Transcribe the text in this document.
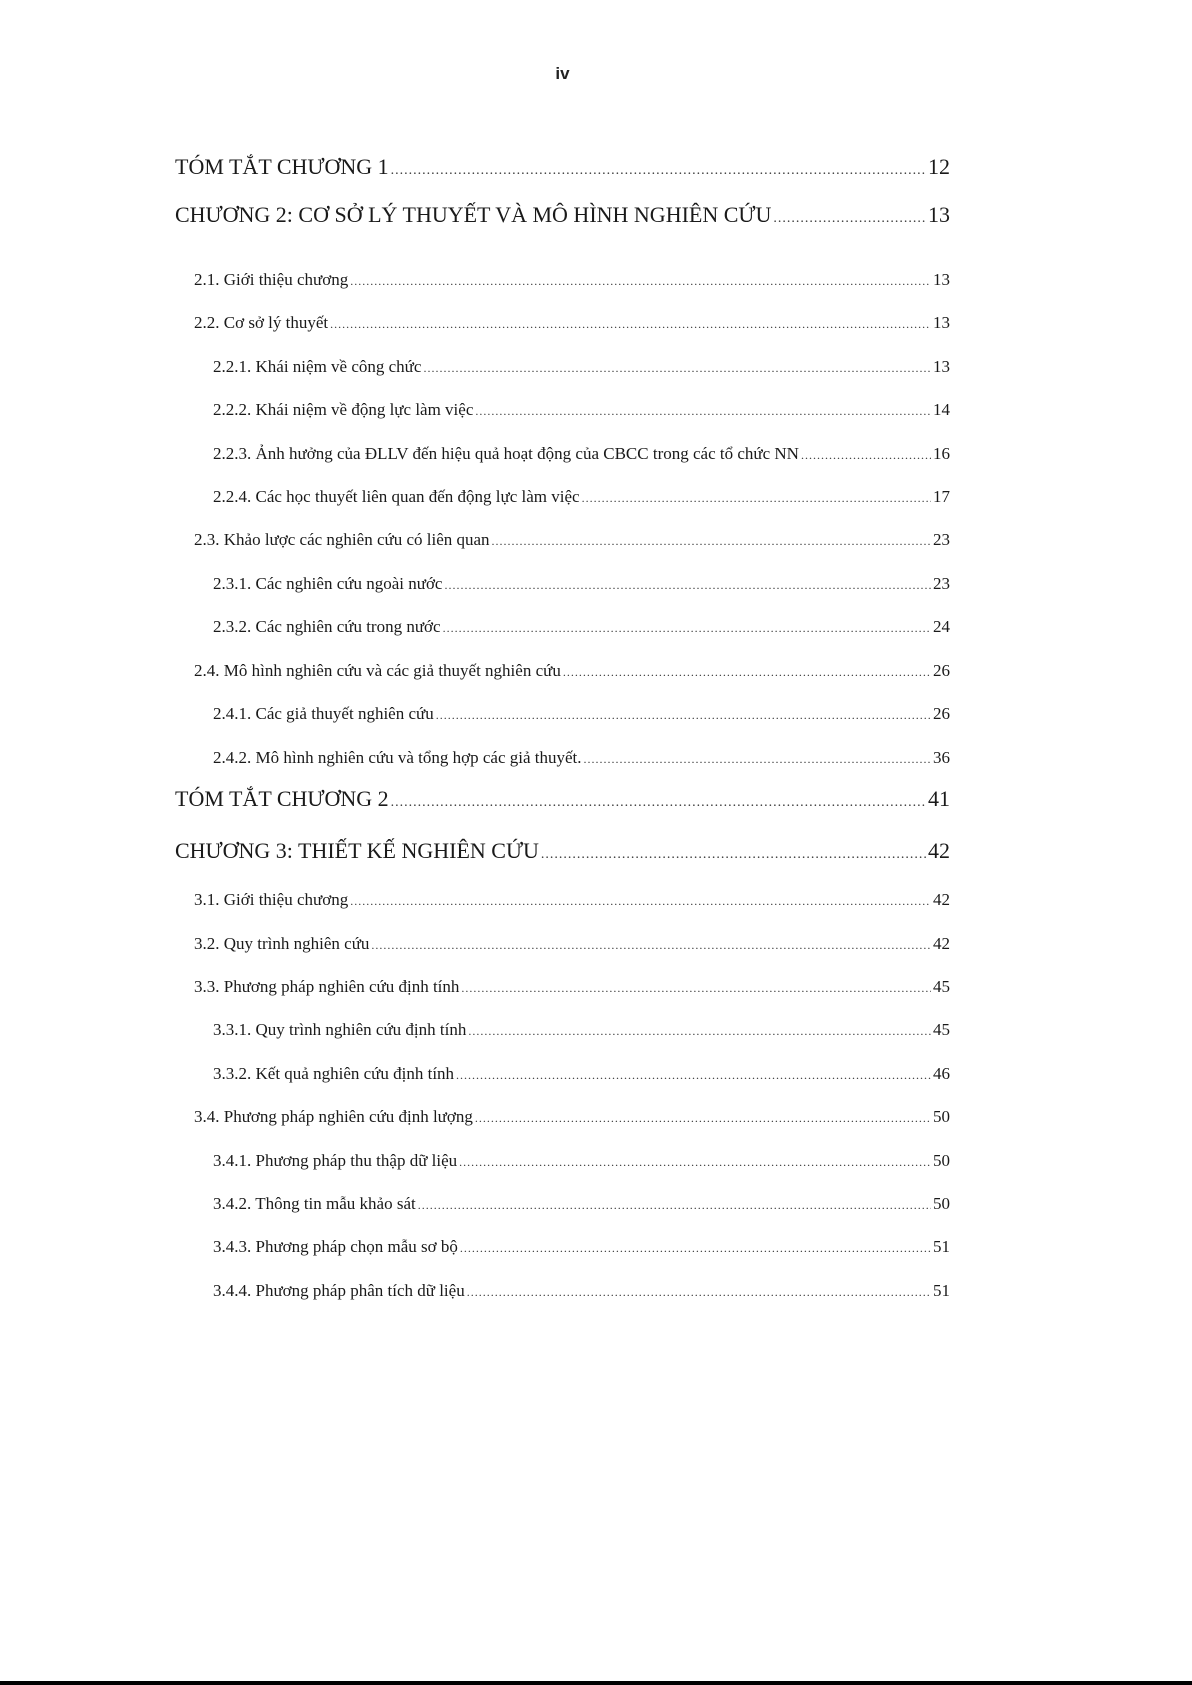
iv
TÓM TẮT CHƯƠNG 1 .....	12
CHƯƠNG 2: CƠ SỞ LÝ THUYẾT VÀ MÔ HÌNH NGHIÊN CỨU .....	13
2.1. Giới thiệu chương .....	13
2.2. Cơ sở lý thuyết .....	13
2.2.1. Khái niệm về công chức .....	13
2.2.2. Khái niệm về động lực làm việc .....	14
2.2.3. Ảnh hưởng của ĐLLV đến hiệu quả hoạt động của CBCC trong các tổ chức NN .....	16
2.2.4. Các học thuyết liên quan đến động lực làm việc .....	17
2.3. Khảo lược các nghiên cứu có liên quan .....	23
2.3.1. Các nghiên cứu ngoài nước .....	23
2.3.2. Các nghiên cứu trong nước .....	24
2.4. Mô hình nghiên cứu và các giả thuyết nghiên cứu .....	26
2.4.1. Các giả thuyết nghiên cứu .....	26
2.4.2. Mô hình nghiên cứu và tổng hợp các giả thuyết. .....	36
TÓM TẮT CHƯƠNG 2 .....	41
CHƯƠNG 3: THIẾT KẾ NGHIÊN CỨU .....	42
3.1. Giới thiệu chương .....	42
3.2. Quy trình nghiên cứu .....	42
3.3. Phương pháp nghiên cứu định tính .....	45
3.3.1. Quy trình nghiên cứu định tính .....	45
3.3.2. Kết quả nghiên cứu định tính .....	46
3.4. Phương pháp nghiên cứu định lượng .....	50
3.4.1. Phương pháp thu thập dữ liệu .....	50
3.4.2. Thông tin mẫu khảo sát .....	50
3.4.3. Phương pháp chọn mẫu sơ bộ .....	51
3.4.4. Phương pháp phân tích dữ liệu .....	51
